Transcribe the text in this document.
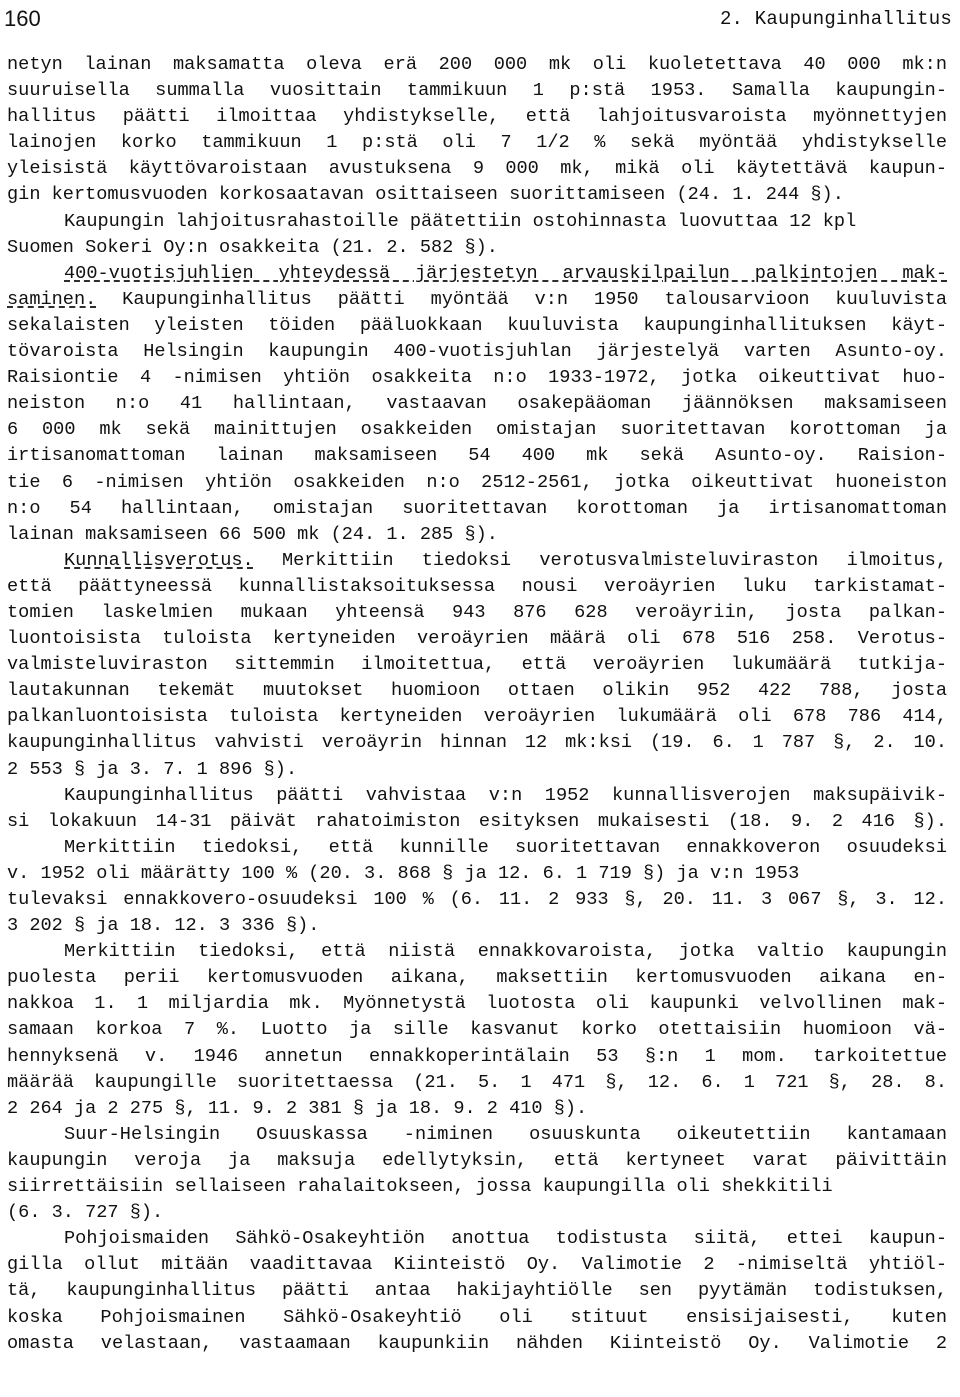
160	2. Kaupunginhallitus
netyn lainan maksamatta oleva erä 200 000 mk oli kuoletettava 40 000 mk:n
suuruisella summalla vuosittain tammikuun 1 p:stä 1953. Samalla kaupungin-
hallitus päätti ilmoittaa yhdistykselle, että lahjoitusvaroista myönnettyjen
lainojen korko tammikuun 1 p:stä oli 7 1/2 % sekä myöntää yhdistykselle
yleisistä käyttövaroistaan avustuksena 9 000 mk, mikä oli käytettävä kaupun-
gin kertomusvuoden korkosaatavan osittaiseen suorittamiseen (24. 1. 244 §).
Kaupungin lahjoitusrahastoille päätettiin ostohinnasta luovuttaa 12 kpl
Suomen Sokeri Oy:n osakkeita (21. 2. 582 §).
400-vuotisjuhlien yhteydessä järjestetyn arvauskilpailun palkintojen mak-
saminen. Kaupunginhallitus päätti myöntää v:n 1950 talousarvioon kuuluvista
sekalaisten yleisten töiden pääluokkaan kuuluvista kaupunginhallituksen käyt-
tövaroista Helsingin kaupungin 400-vuotisjuhlan järjestelyä varten Asunto-oy.
Raisiontie 4 -nimisen yhtiön osakkeita n:o 1933-1972, jotka oikeuttivat huo-
neiston n:o 41 hallintaan, vastaavan osakepääoman jäännöksen maksamiseen
6 000 mk sekä mainittujen osakkeiden omistajan suoritettavan korottoman ja
irtisanomattoman lainan maksamiseen 54 400 mk sekä Asunto-oy. Raision-
tie 6 -nimisen yhtiön osakkeiden n:o 2512-2561, jotka oikeuttivat huoneiston
n:o 54 hallintaan, omistajan suoritettavan korottoman ja irtisanomattoman
lainan maksamiseen 66 500 mk (24. 1. 285 §).
Kunnallisverotus. Merkittiin tiedoksi verotusvalmisteluviraston ilmoitus,
että päättyneessä kunnallistaksoituksessa nousi veroäyrien luku tarkistamat-
tomien laskelmien mukaan yhteensä 943 876 628 veroäyriin, josta palkan-
luontoisista tuloista kertyneiden veroäyrien määrä oli 678 516 258. Verotus-
valmisteluviraston sittemmin ilmoitettua, että veroäyrien lukumäärä tutkija-
lautakunnan tekemät muutokset huomioon ottaen olikin 952 422 788, josta
palkanluontoisista tuloista kertyneiden veroäyrien lukumäärä oli 678 786 414,
kaupunginhallitus vahvisti veroäyrin hinnan 12 mk:ksi (19. 6. 1 787 §, 2. 10.
2 553 § ja 3. 7. 1 896 §).
Kaupunginhallitus päätti vahvistaa v:n 1952 kunnallisverojen maksupäivik-
si lokakuun 14-31 päivät rahatoimiston esityksen mukaisesti (18. 9. 2 416 §).
Merkittiin tiedoksi, että kunnille suoritettavan ennakkoveron osuudeksi
v. 1952 oli määrätty 100 % (20. 3. 868 § ja 12. 6. 1 719 §) ja v:n 1953
tulevaksi ennakkovero-osuudeksi 100 % (6. 11. 2 933 §, 20. 11. 3 067 §, 3. 12.
3 202 § ja 18. 12. 3 336 §).
Merkittiin tiedoksi, että niistä ennakkovaroista, jotka valtio kaupungin
puolesta perii kertomusvuoden aikana, maksettiin kertomusvuoden aikana en-
nakkoa 1. 1 miljardia mk. Myönnetystä luotosta oli kaupunki velvollinen mak-
samaan korkoa 7 %. Luotto ja sille kasvanut korko otettaisiin huomioon vä-
hennyksenä v. 1946 annetun ennakkoperintälain 53 §:n 1 mom. tarkoitettue
määrää kaupungille suoritettaessa (21. 5. 1 471 §, 12. 6. 1 721 §, 28. 8.
2 264 ja 2 275 §, 11. 9. 2 381 § ja 18. 9. 2 410 §).
Suur-Helsingin Osuuskassa -niminen osuuskunta oikeutettiin kantamaan
kaupungin veroja ja maksuja edellytyksin, että kertyneet varat päivittäin
siirrettäisiin sellaiseen rahalaitokseen, jossa kaupungilla oli shekkitili
(6. 3. 727 §).
Pohjoismaiden Sähkö-Osakeyhtiön anottua todistusta siitä, ettei kaupun-
gilla ollut mitään vaadittavaa Kiinteistö Oy. Valimotie 2 -nimiseltä yhtiöl-
tä, kaupunginhallitus päätti antaa hakijayhtiölle sen pyytämän todistuksen,
koska Pohjoismainen Sähkö-Osakeyhtiö oli stituut ensisijaisesti, kuten
omasta velastaan, vastaamaan kaupunkiin nähden Kiinteistö Oy. Valimotie 2
